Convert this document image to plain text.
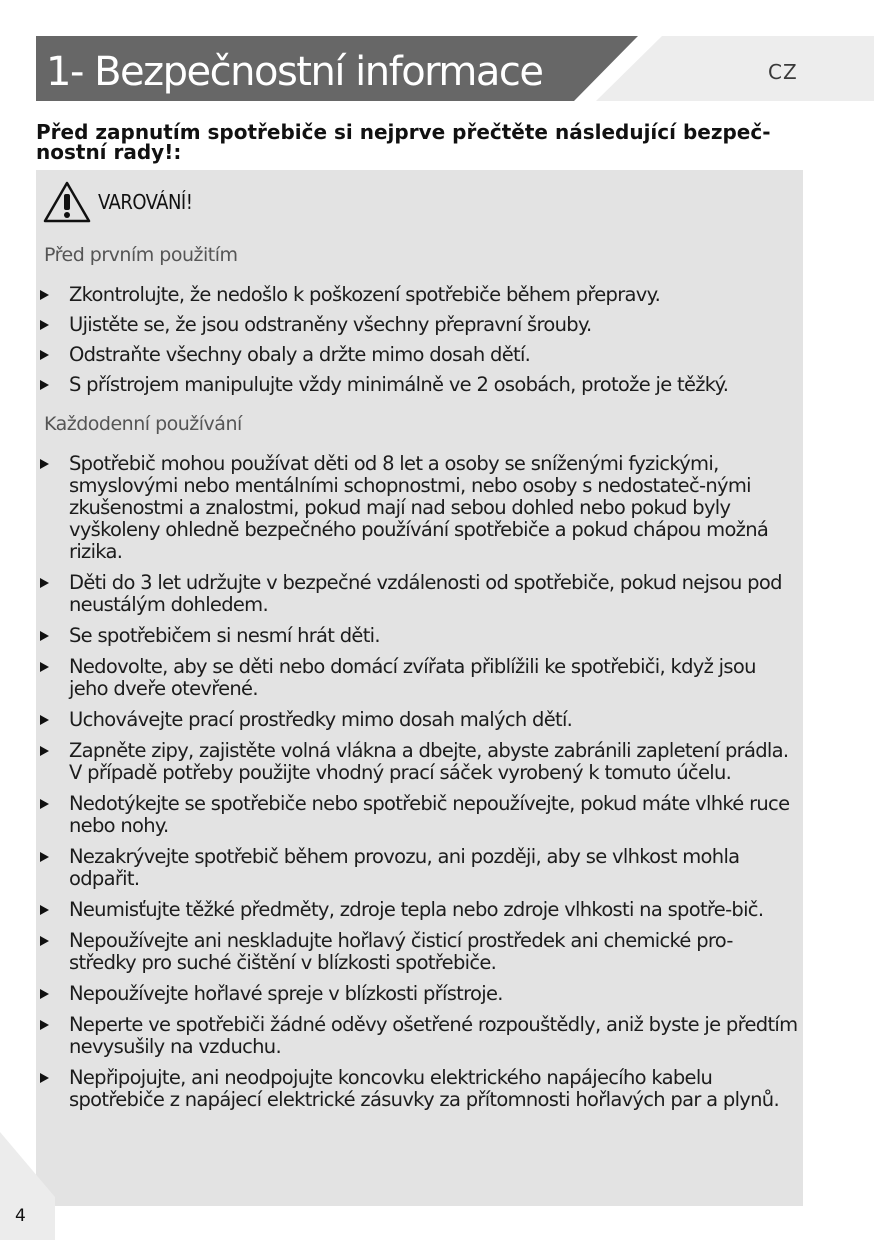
1- Bezpečnostní informace	CZ

Před zapnutím spotřebiče si nejprve přečtěte následující bezpeč-nostní rady!:

VAROVÁNÍ!
Před prvním použitím
Zkontrolujte, že nedošlo k poškození spotřebiče během přepravy.
Ujistěte se, že jsou odstraněny všechny přepravní šrouby.
Odstraňte všechny obaly a držte mimo dosah dětí.
S přístrojem manipulujte vždy minimálně ve 2 osobách, protože je těžký.
Každodenní používání
Spotřebič mohou používat děti od 8 let a osoby se sníženými fyzickými, smyslovými nebo mentálními schopnostmi, nebo osoby s nedostateč-nými zkušenostmi a znalostmi, pokud mají nad sebou dohled nebo pokud byly vyškoleny ohledně bezpečného používání spotřebiče a pokud chápou možná rizika.
Děti do 3 let udržujte v bezpečné vzdálenosti od spotřebiče, pokud nejsou pod neustálým dohledem.
Se spotřebičem si nesmí hrát děti.
Nedovolte, aby se děti nebo domácí zvířata přiblížili ke spotřebiči, když jsou jeho dveře otevřené.
Uchovávejte prací prostředky mimo dosah malých dětí.
Zapněte zipy, zajistěte volná vlákna a dbejte, abyste zabránili zapletení prádla. V případě potřeby použijte vhodný prací sáček vyrobený k tomuto účelu.
Nedotýkejte se spotřebiče nebo spotřebič nepoužívejte, pokud máte vlhké ruce nebo nohy.
Nezakrývejte spotřebič během provozu, ani později, aby se vlhkost mohla odpařit.
Neumisťujte těžké předměty, zdroje tepla nebo zdroje vlhkosti na spotře-bič.
Nepoužívejte ani neskladujte hořlavý čisticí prostředek ani chemické pro-středky pro suché čištění v blízkosti spotřebiče.
Nepoužívejte hořlavé spreje v blízkosti přístroje.
Neperte ve spotřebiči žádné oděvy ošetřené rozpouštědly, aniž byste je předtím nevysušily na vzduchu.
Nepřipojujte, ani neodpojujte koncovku elektrického napájecího kabelu spotřebiče z napájecí elektrické zásuvky za přítomnosti hořlavých par a plynů.
4
